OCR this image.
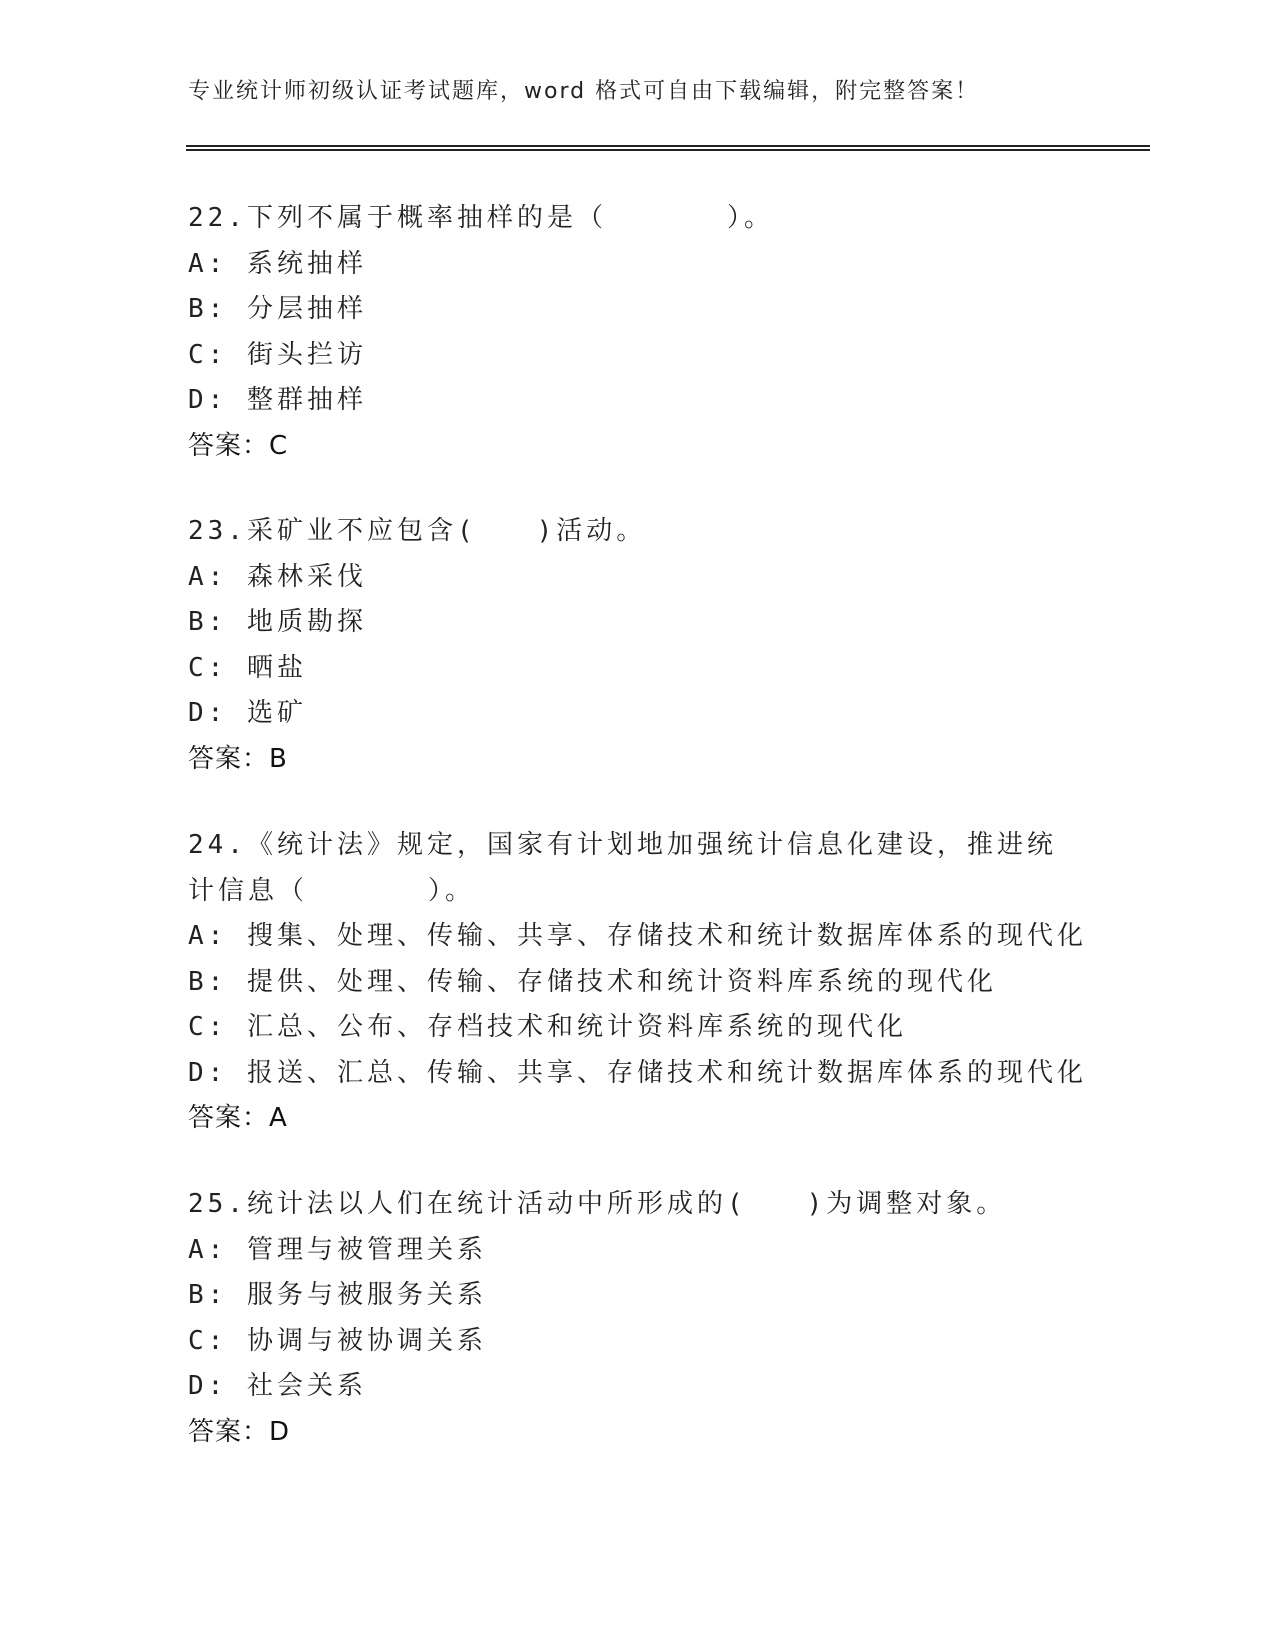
专业统计师初级认证考试题库，word 格式可自由下载编辑，附完整答案！
22.下列不属于概率抽样的是（　　　　）。
A: 系统抽样
B: 分层抽样
C: 街头拦访
D: 整群抽样
答案：C
23.采矿业不应包含(　　)活动。
A: 森林采伐
B: 地质勘探
C: 晒盐
D: 选矿
答案：B
24.《统计法》规定，国家有计划地加强统计信息化建设，推进统计信息（　　　　）。
A: 搜集、处理、传输、共享、存储技术和统计数据库体系的现代化
B: 提供、处理、传输、存储技术和统计资料库系统的现代化
C: 汇总、公布、存档技术和统计资料库系统的现代化
D: 报送、汇总、传输、共享、存储技术和统计数据库体系的现代化
答案：A
25.统计法以人们在统计活动中所形成的(　　)为调整对象。
A: 管理与被管理关系
B: 服务与被服务关系
C: 协调与被协调关系
D: 社会关系
答案：D
